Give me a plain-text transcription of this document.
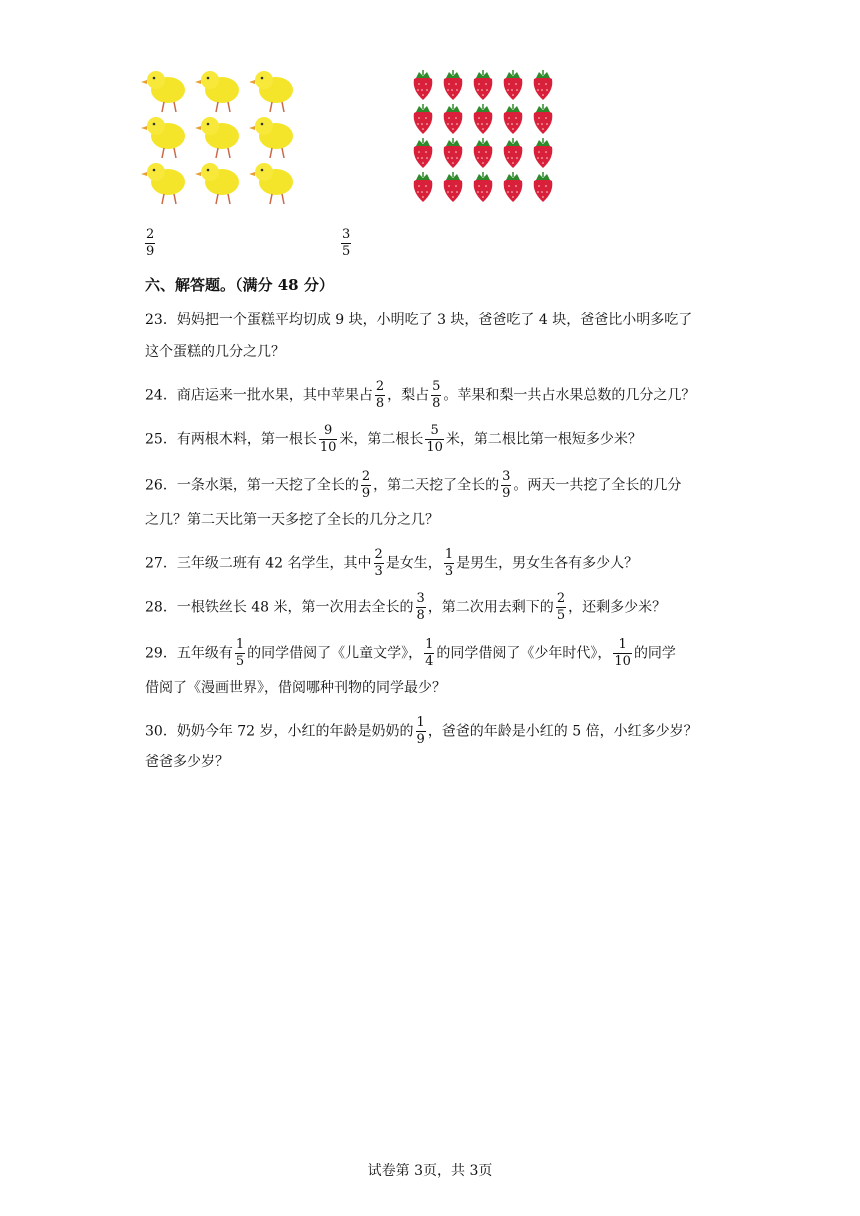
$\frac{2}{9}$	$\frac{3}{5}$
六、解答题。（满分 48 分）
23．妈妈把一个蛋糕平均切成 9 块，小明吃了 3 块，爸爸吃了 4 块，爸爸比小明多吃了
这个蛋糕的几分之几？
24．商店运来一批水果，其中苹果占 $\frac{2}{8}$ ，梨占 $\frac{5}{8}$ 。苹果和梨一共占水果总数的几分之几？
25．有两根木料，第一根长 $\frac{9}{10}$ 米，第二根长 $\frac{5}{10}$ 米，第二根比第一根短多少米？
26．一条水渠，第一天挖了全长的 $\frac{2}{9}$ ，第二天挖了全长的 $\frac{3}{9}$ 。两天一共挖了全长的几分
之几？第二天比第一天多挖了全长的几分之几？
27．三年级二班有 42 名学生，其中 $\frac{2}{3}$ 是女生， $\frac{1}{3}$ 是男生，男女生各有多少人？
28．一根铁丝长 48 米，第一次用去全长的 $\frac{3}{8}$ ，第二次用去剩下的 $\frac{2}{5}$ ，还剩多少米？
29．五年级有 $\frac{1}{5}$ 的同学借阅了《儿童文学》， $\frac{1}{4}$ 的同学借阅了《少年时代》， $\frac{1}{10}$ 的同学
借阅了《漫画世界》，借阅哪种刊物的同学最少？
30．奶奶今年 72 岁，小红的年龄是奶奶的 $\frac{1}{9}$ ，爸爸的年龄是小红的 5 倍，小红多少岁？
爸爸多少岁？
试卷第 3页，共 3页
